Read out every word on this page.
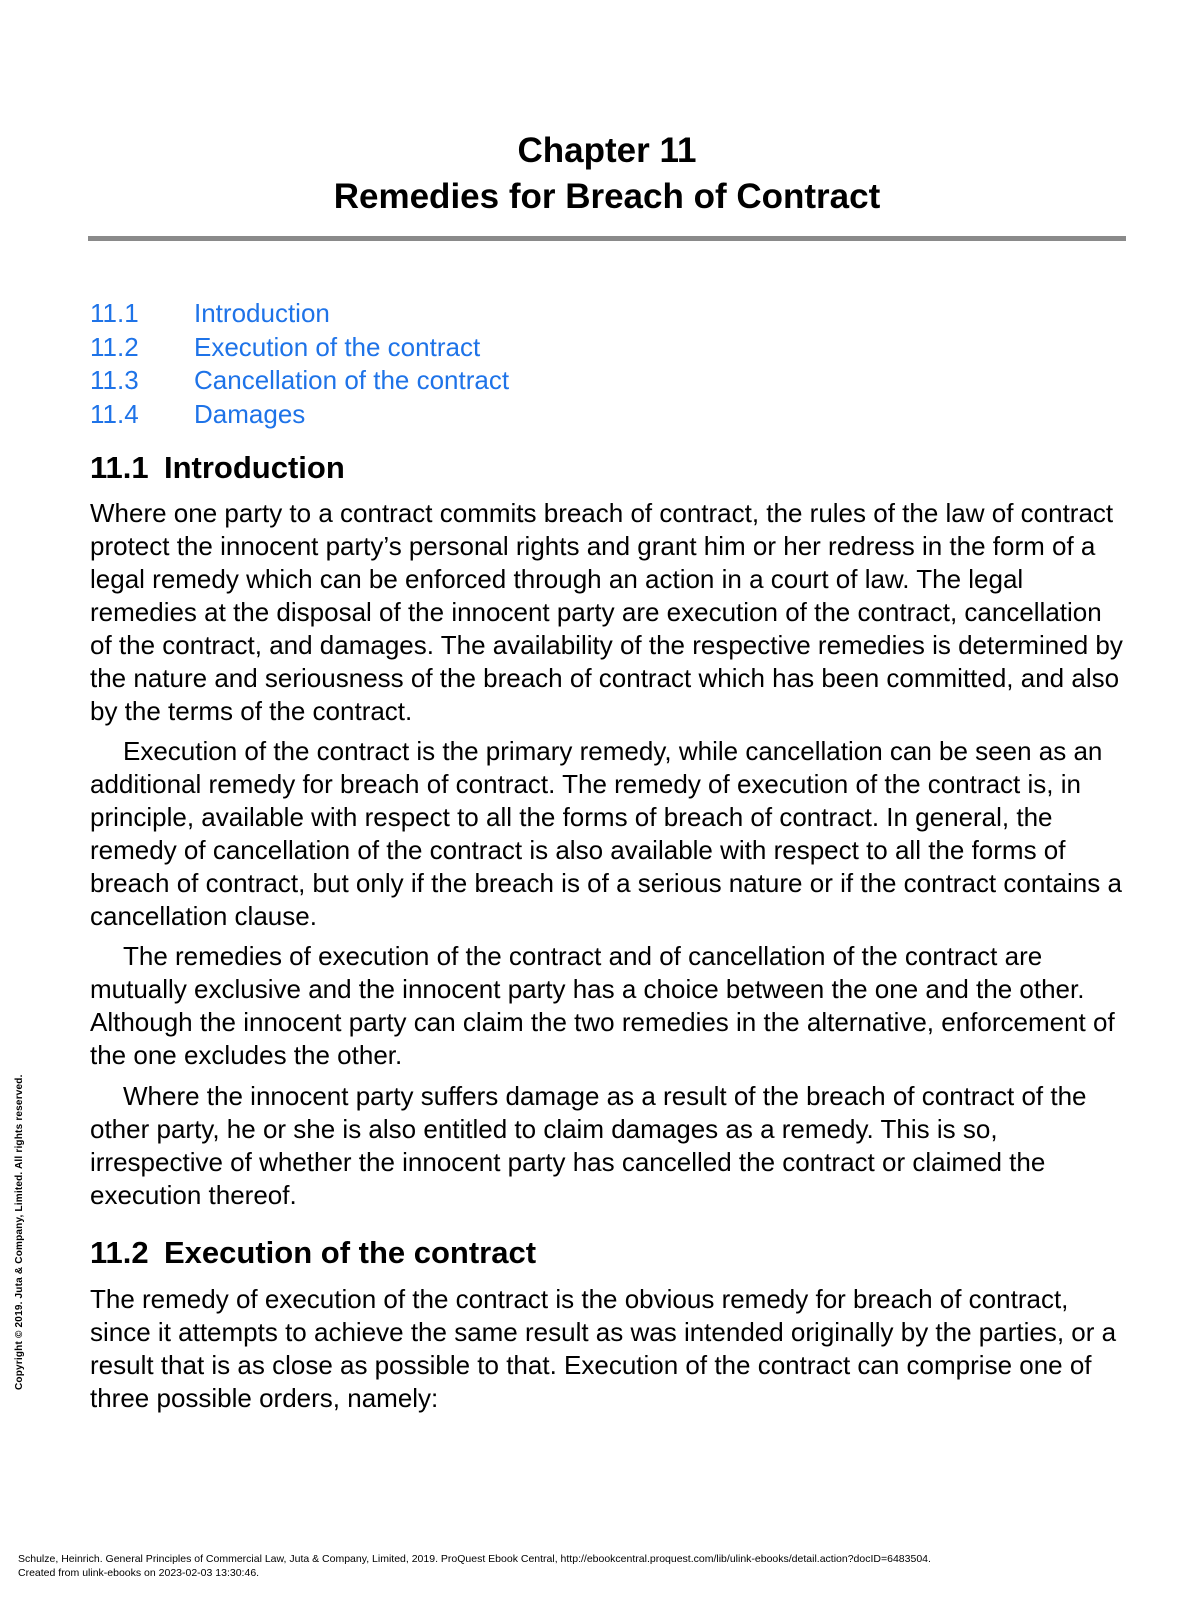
Chapter 11
Remedies for Breach of Contract
11.1	Introduction
11.2	Execution of the contract
11.3	Cancellation of the contract
11.4	Damages
11.1 Introduction

Where one party to a contract commits breach of contract, the rules of the law of contract protect the innocent party’s personal rights and grant him or her redress in the form of a legal remedy which can be enforced through an action in a court of law. The legal remedies at the disposal of the innocent party are execution of the contract, cancellation of the contract, and damages. The availability of the respective remedies is determined by the nature and seriousness of the breach of contract which has been committed, and also by the terms of the contract.

Execution of the contract is the primary remedy, while cancellation can be seen as an additional remedy for breach of contract. The remedy of execution of the contract is, in principle, available with respect to all the forms of breach of contract. In general, the remedy of cancellation of the contract is also available with respect to all the forms of breach of contract, but only if the breach is of a serious nature or if the contract contains a cancellation clause.

The remedies of execution of the contract and of cancellation of the contract are mutually exclusive and the innocent party has a choice between the one and the other. Although the innocent party can claim the two remedies in the alternative, enforcement of the one excludes the other.

Where the innocent party suffers damage as a result of the breach of contract of the other party, he or she is also entitled to claim damages as a remedy. This is so, irrespective of whether the innocent party has cancelled the contract or claimed the execution thereof.

11.2 Execution of the contract

The remedy of execution of the contract is the obvious remedy for breach of contract, since it attempts to achieve the same result as was intended originally by the parties, or a result that is as close as possible to that. Execution of the contract can comprise one of three possible orders, namely:

Copyright © 2019. Juta & Company, Limited. All rights reserved.
Schulze, Heinrich. General Principles of Commercial Law, Juta & Company, Limited, 2019. ProQuest Ebook Central, http://ebookcentral.proquest.com/lib/ulink-ebooks/detail.action?docID=6483504.
Created from ulink-ebooks on 2023-02-03 13:30:46.
